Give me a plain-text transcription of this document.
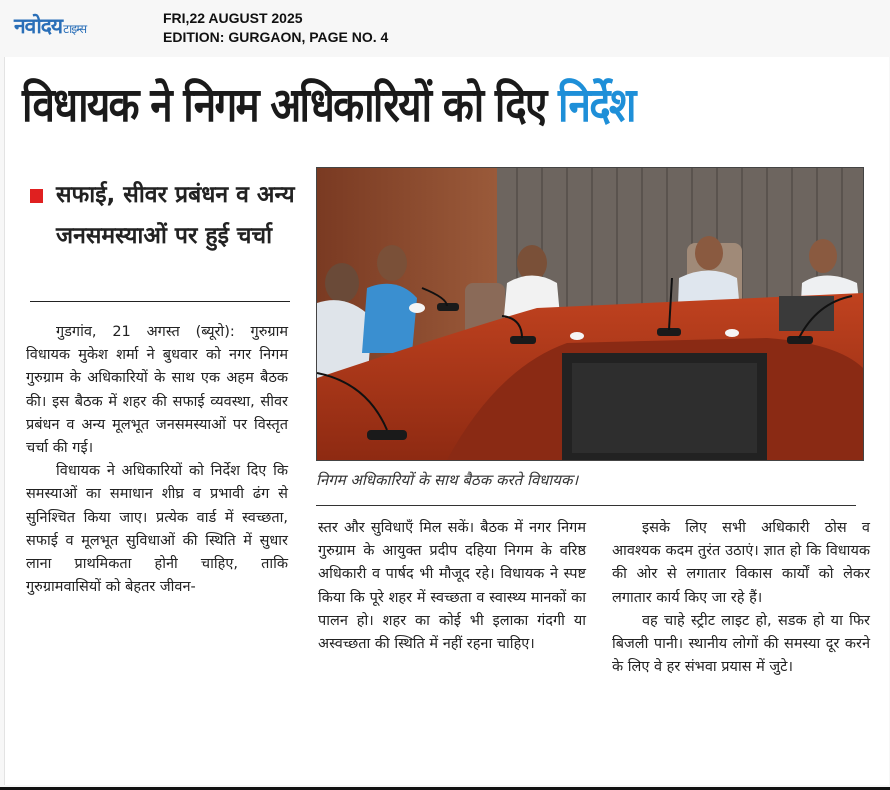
नवोदयटाइम्स
FRI,22 AUGUST 2025
EDITION: GURGAON, PAGE NO. 4
विधायक ने निगम अधिकारियों को दिए निर्देश
सफाई, सीवर प्रबंधन व अन्य जनसमस्याओं पर हुई चर्चा

गुडगांव, 21 अगस्त (ब्यूरो): गुरुग्राम विधायक मुकेश शर्मा ने बुधवार को नगर निगम गुरुग्राम के अधिकारियों के साथ एक अहम बैठक की। इस बैठक में शहर की सफाई व्यवस्था, सीवर प्रबंधन व अन्य मूलभूत जनसमस्याओं पर विस्तृत चर्चा की गई।

विधायक ने अधिकारियों को निर्देश दिए कि समस्याओं का समाधान शीघ्र व प्रभावी ढंग से सुनिश्चित किया जाए। प्रत्येक वार्ड में स्वच्छता, सफाई व मूलभूत सुविधाओं की स्थिति में सुधार लाना प्राथमिकता होनी चाहिए, ताकि गुरुग्रामवासियों को बेहतर जीवन-

निगम अधिकारियों के साथ बैठक करते विधायक।

स्तर और सुविधाएँ मिल सकें। बैठक में नगर निगम गुरुग्राम के आयुक्त प्रदीप दहिया निगम के वरिष्ठ अधिकारी व पार्षद भी मौजूद रहे। विधायक ने स्पष्ट किया कि पूरे शहर में स्वच्छता व स्वास्थ्य मानकों का पालन हो। शहर का कोई भी इलाका गंदगी या अस्वच्छता की स्थिति में नहीं रहना चाहिए।

इसके लिए सभी अधिकारी ठोस व आवश्यक कदम तुरंत उठाएं। ज्ञात हो कि विधायक की ओर से लगातार विकास कार्यों को लेकर लगातार कार्य किए जा रहे हैं।

वह चाहे स्ट्रीट लाइट हो, सडक हो या फिर बिजली पानी। स्थानीय लोगों की समस्या दूर करने के लिए वे हर संभवा प्रयास में जुटे।
